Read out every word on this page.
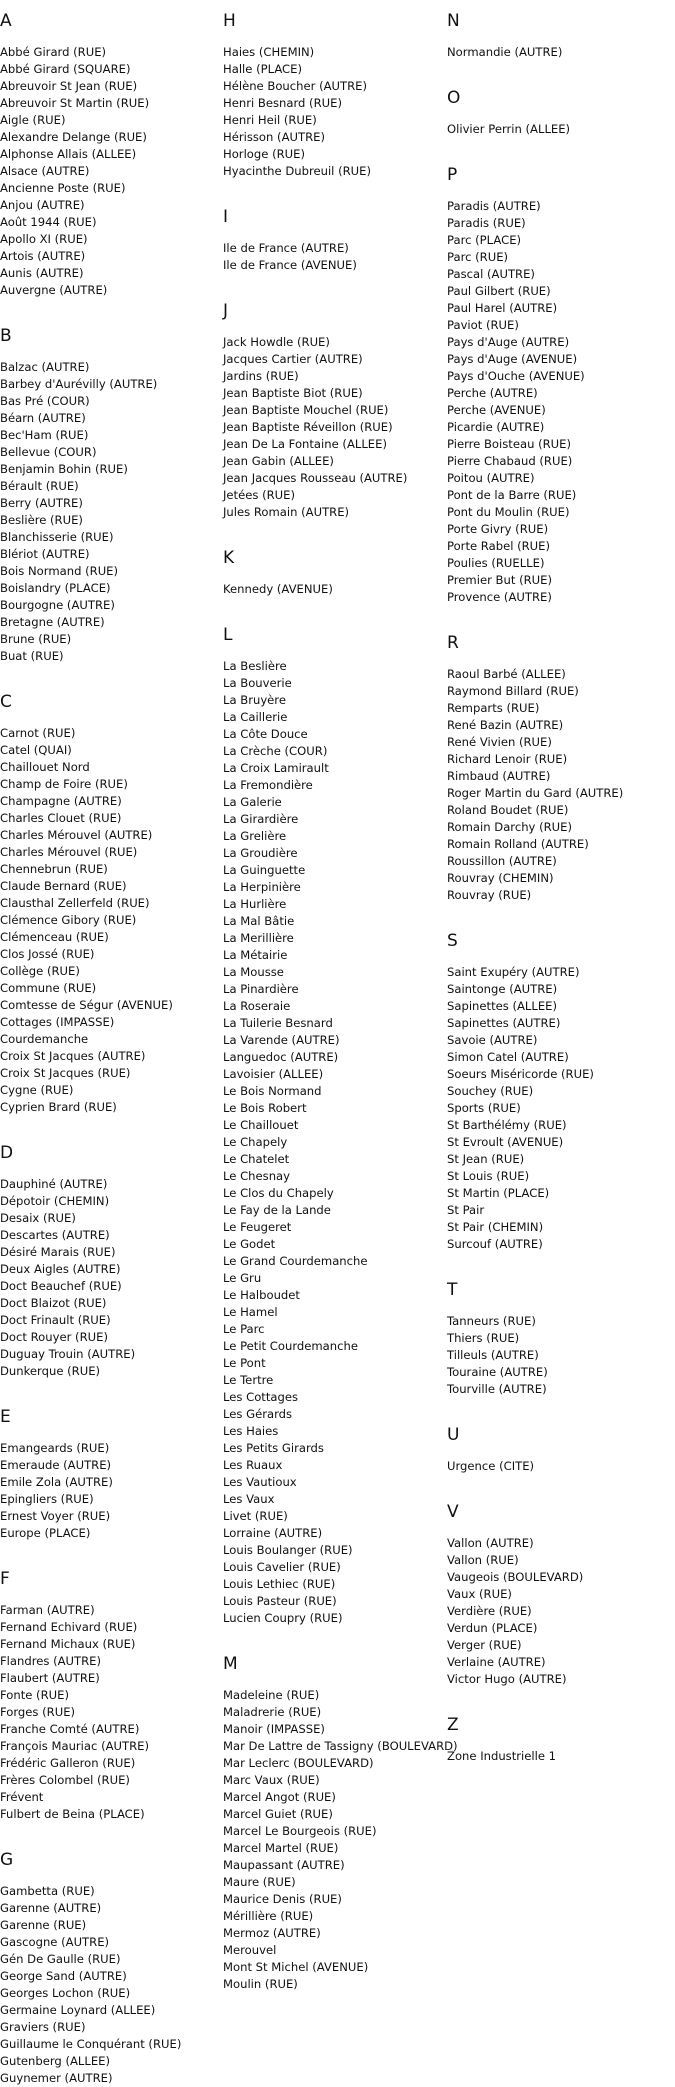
A
Abbé Girard (RUE)
Abbé Girard (SQUARE)
Abreuvoir St Jean (RUE)
Abreuvoir St Martin (RUE)
Aigle (RUE)
Alexandre Delange (RUE)
Alphonse Allais (ALLEE)
Alsace (AUTRE)
Ancienne Poste (RUE)
Anjou (AUTRE)
Août 1944 (RUE)
Apollo XI (RUE)
Artois (AUTRE)
Aunis (AUTRE)
Auvergne (AUTRE)
B
Balzac (AUTRE)
Barbey d'Aurévilly (AUTRE)
Bas Pré (COUR)
Béarn (AUTRE)
Bec'Ham (RUE)
Bellevue (COUR)
Benjamin Bohin (RUE)
Bérault (RUE)
Berry (AUTRE)
Beslière (RUE)
Blanchisserie (RUE)
Blériot (AUTRE)
Bois Normand (RUE)
Boislandry (PLACE)
Bourgogne (AUTRE)
Bretagne (AUTRE)
Brune (RUE)
Buat (RUE)
C
Carnot (RUE)
Catel (QUAI)
Chaillouet Nord
Champ de Foire (RUE)
Champagne (AUTRE)
Charles Clouet (RUE)
Charles Mérouvel (AUTRE)
Charles Mérouvel (RUE)
Chennebrun (RUE)
Claude Bernard (RUE)
Clausthal Zellerfeld (RUE)
Clémence Gibory (RUE)
Clémenceau (RUE)
Clos Jossé (RUE)
Collège (RUE)
Commune (RUE)
Comtesse de Ségur (AVENUE)
Cottages (IMPASSE)
Courdemanche
Croix St Jacques (AUTRE)
Croix St Jacques (RUE)
Cygne (RUE)
Cyprien Brard (RUE)
D
Dauphiné (AUTRE)
Dépotoir (CHEMIN)
Desaix (RUE)
Descartes (AUTRE)
Désiré Marais (RUE)
Deux Aigles (AUTRE)
Doct Beauchef (RUE)
Doct Blaizot (RUE)
Doct Frinault (RUE)
Doct Rouyer (RUE)
Duguay Trouin (AUTRE)
Dunkerque (RUE)
E
Emangeards (RUE)
Emeraude (AUTRE)
Emile Zola (AUTRE)
Epingliers (RUE)
Ernest Voyer (RUE)
Europe (PLACE)
F
Farman (AUTRE)
Fernand Echivard (RUE)
Fernand Michaux (RUE)
Flandres (AUTRE)
Flaubert (AUTRE)
Fonte (RUE)
Forges (RUE)
Franche Comté (AUTRE)
François Mauriac (AUTRE)
Frédéric Galleron (RUE)
Frères Colombel (RUE)
Frévent
Fulbert de Beina (PLACE)
G
Gambetta (RUE)
Garenne (AUTRE)
Garenne (RUE)
Gascogne (AUTRE)
Gén De Gaulle (RUE)
George Sand (AUTRE)
Georges Lochon (RUE)
Germaine Loynard (ALLEE)
Graviers (RUE)
Guillaume le Conquérant (RUE)
Gutenberg (ALLEE)
Guynemer (AUTRE)
H
Haies (CHEMIN)
Halle (PLACE)
Hélène Boucher (AUTRE)
Henri Besnard (RUE)
Henri Heil (RUE)
Hérisson (AUTRE)
Horloge (RUE)
Hyacinthe Dubreuil (RUE)
I
Ile de France (AUTRE)
Ile de France (AVENUE)
J
Jack Howdle (RUE)
Jacques Cartier (AUTRE)
Jardins (RUE)
Jean Baptiste Biot (RUE)
Jean Baptiste Mouchel (RUE)
Jean Baptiste Réveillon (RUE)
Jean De La Fontaine (ALLEE)
Jean Gabin (ALLEE)
Jean Jacques Rousseau (AUTRE)
Jetées (RUE)
Jules Romain (AUTRE)
K
Kennedy (AVENUE)
L
La Beslière
La Bouverie
La Bruyère
La Caillerie
La Côte Douce
La Crèche (COUR)
La Croix Lamirault
La Fremondière
La Galerie
La Girardière
La Grelière
La Groudière
La Guinguette
La Herpinière
La Hurlière
La Mal Bâtie
La Merillière
La Métairie
La Mousse
La Pinardière
La Roseraie
La Tuilerie Besnard
La Varende (AUTRE)
Languedoc (AUTRE)
Lavoisier (ALLEE)
Le Bois Normand
Le Bois Robert
Le Chaillouet
Le Chapely
Le Chatelet
Le Chesnay
Le Clos du Chapely
Le Fay de la Lande
Le Feugeret
Le Godet
Le Grand Courdemanche
Le Gru
Le Halboudet
Le Hamel
Le Parc
Le Petit Courdemanche
Le Pont
Le Tertre
Les Cottages
Les Gérards
Les Haies
Les Petits Girards
Les Ruaux
Les Vautioux
Les Vaux
Livet (RUE)
Lorraine (AUTRE)
Louis Boulanger (RUE)
Louis Cavelier (RUE)
Louis Lethiec (RUE)
Louis Pasteur (RUE)
Lucien Coupry (RUE)
M
Madeleine (RUE)
Maladrerie (RUE)
Manoir (IMPASSE)
Mar De Lattre de Tassigny (BOULEVARD)
Mar Leclerc (BOULEVARD)
Marc Vaux (RUE)
Marcel Angot (RUE)
Marcel Guiet (RUE)
Marcel Le Bourgeois (RUE)
Marcel Martel (RUE)
Maupassant (AUTRE)
Maure (RUE)
Maurice Denis (RUE)
Mérillière (RUE)
Mermoz (AUTRE)
Merouvel
Mont St Michel (AVENUE)
Moulin (RUE)
N
Normandie (AUTRE)
O
Olivier Perrin (ALLEE)
P
Paradis (AUTRE)
Paradis (RUE)
Parc (PLACE)
Parc (RUE)
Pascal (AUTRE)
Paul Gilbert (RUE)
Paul Harel (AUTRE)
Paviot (RUE)
Pays d'Auge (AUTRE)
Pays d'Auge (AVENUE)
Pays d'Ouche (AVENUE)
Perche (AUTRE)
Perche (AVENUE)
Picardie (AUTRE)
Pierre Boisteau (RUE)
Pierre Chabaud (RUE)
Poitou (AUTRE)
Pont de la Barre (RUE)
Pont du Moulin (RUE)
Porte Givry (RUE)
Porte Rabel (RUE)
Poulies (RUELLE)
Premier But (RUE)
Provence (AUTRE)
R
Raoul Barbé (ALLEE)
Raymond Billard (RUE)
Remparts (RUE)
René Bazin (AUTRE)
René Vivien (RUE)
Richard Lenoir (RUE)
Rimbaud (AUTRE)
Roger Martin du Gard (AUTRE)
Roland Boudet (RUE)
Romain Darchy (RUE)
Romain Rolland (AUTRE)
Roussillon (AUTRE)
Rouvray (CHEMIN)
Rouvray (RUE)
S
Saint Exupéry (AUTRE)
Saintonge (AUTRE)
Sapinettes (ALLEE)
Sapinettes (AUTRE)
Savoie (AUTRE)
Simon Catel (AUTRE)
Soeurs Miséricorde (RUE)
Souchey (RUE)
Sports (RUE)
St Barthélémy (RUE)
St Evroult (AVENUE)
St Jean (RUE)
St Louis (RUE)
St Martin (PLACE)
St Pair
St Pair (CHEMIN)
Surcouf (AUTRE)
T
Tanneurs (RUE)
Thiers (RUE)
Tilleuls (AUTRE)
Touraine (AUTRE)
Tourville (AUTRE)
U
Urgence (CITE)
V
Vallon (AUTRE)
Vallon (RUE)
Vaugeois (BOULEVARD)
Vaux (RUE)
Verdière (RUE)
Verdun (PLACE)
Verger (RUE)
Verlaine (AUTRE)
Victor Hugo (AUTRE)
Z
Zone Industrielle 1
